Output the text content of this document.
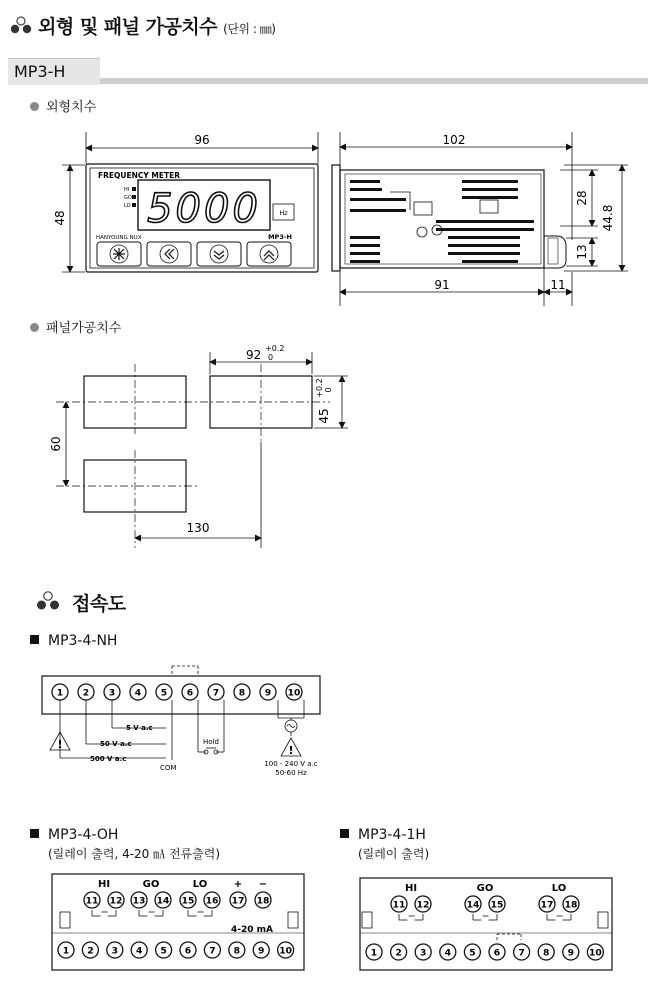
외형 및 패널 가공치수 (단위 : ㎜)
MP3-H
외형치수
FREQUENCY METER
HI
GO
LO 5000	Hz
HANYOUNG NUX	MP3-H
96
48
102
91	11
28
44.8
13
패널가공치수
92 +0.2
0
45
+0.2 0
60
130
접속도
MP3-4-NH
1 2 3 4 5 6 7 8 9 10
!	!
5 V a.c
50 V a.c
500 V a.c
COM
Hold
100 - 240 V a.c
50-60 Hz
MP3-4-OH
(릴레이 출력, 4-20 ㎃ 전류출력)
MP3-4-1H
(릴레이 출력)
HI	GO	LO	+ −
11 12 13 14 15 16 17 18
1 2 3 4 5 6 7 8 9 10
4-20 mA
HI	GO	LO
11 12	14 15	17 18
1 2 3 4 5 6 7 8 9 10
